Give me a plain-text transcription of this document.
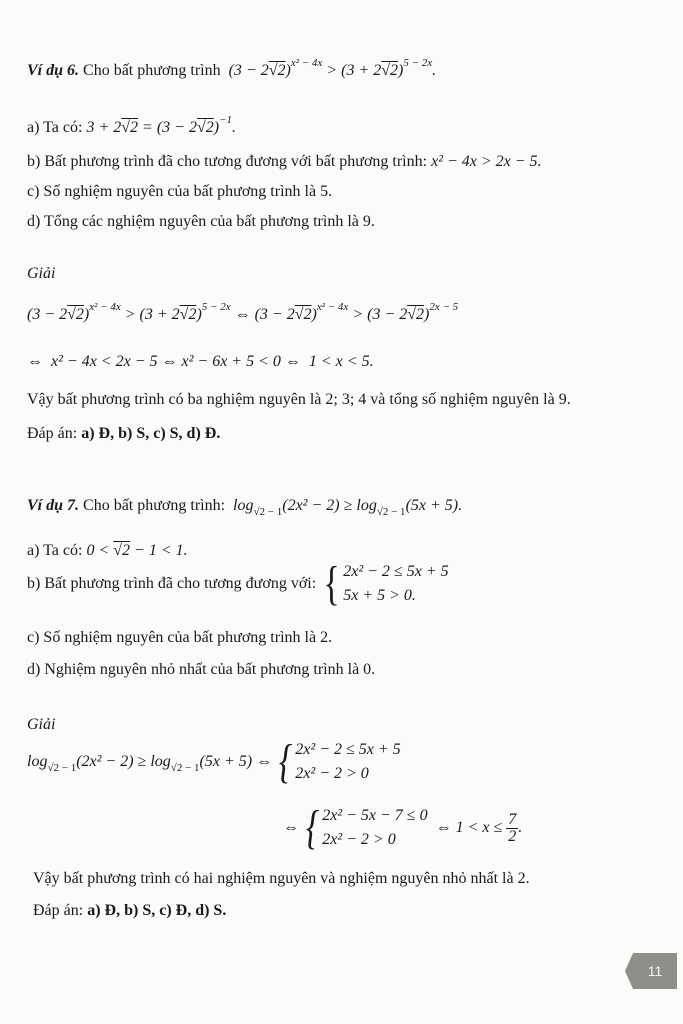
Ví dụ 6. Cho bất phương trình  $(3 - 2√2)^{x^2 - 4x} > (3 + 2√2)^{5 - 2x}$.
a) Ta có: $3 + 2√2 = (3 - 2√2)^{-1}$.
b) Bất phương trình đã cho tương đương với bất phương trình: x² − 4x > 2x − 5.
c) Số nghiệm nguyên của bất phương trình là 5.
d) Tổng các nghiệm nguyên của bất phương trình là 9.
Giải
$(3 - 2√2)^{x^2 - 4x} > (3 + 2√2)^{5 - 2x}$ ⇔ $(3 - 2√2)^{x^2 - 4x} > (3 - 2√2)^{2x - 5}$
⇔  x² − 4x < 2x − 5 ⇔ x² − 6x + 5 < 0 ⇔  1 < x < 5.
Vậy bất phương trình có ba nghiệm nguyên là 2; 3; 4 và tổng số nghiệm nguyên là 9.
Đáp án: a) Đ, b) S, c) S, d) Đ.
Ví dụ 7. Cho bất phương trình:  $\log_{√2 - 1}(2x^2 - 2) \ge \log_{√2 - 1}(5x + 5)$.
a) Ta có: 0 < √2 − 1 < 1.
b) Bất phương trình đã cho tương đương với: { 2x² − 2 ≤ 5x + 5
5x + 5 > 0.
c) Số nghiệm nguyên của bất phương trình là 2.
d) Nghiệm nguyên nhỏ nhất của bất phương trình là 0.
Giải
$\log_{√2 - 1}(2x^2 - 2) \ge \log_{√2 - 1}(5x + 5)$ ⇔ { 2x² − 2 ≤ 5x + 5
2x² − 2 > 0
⇔ { 2x² − 5x − 7 ≤ 0
2x² − 2 > 0  ⇔ $1 < x \le \frac{7}{2}$ .
Vậy bất phương trình có hai nghiệm nguyên và nghiệm nguyên nhỏ nhất là 2.
Đáp án: a) Đ, b) S, c) Đ, d) S.
11
